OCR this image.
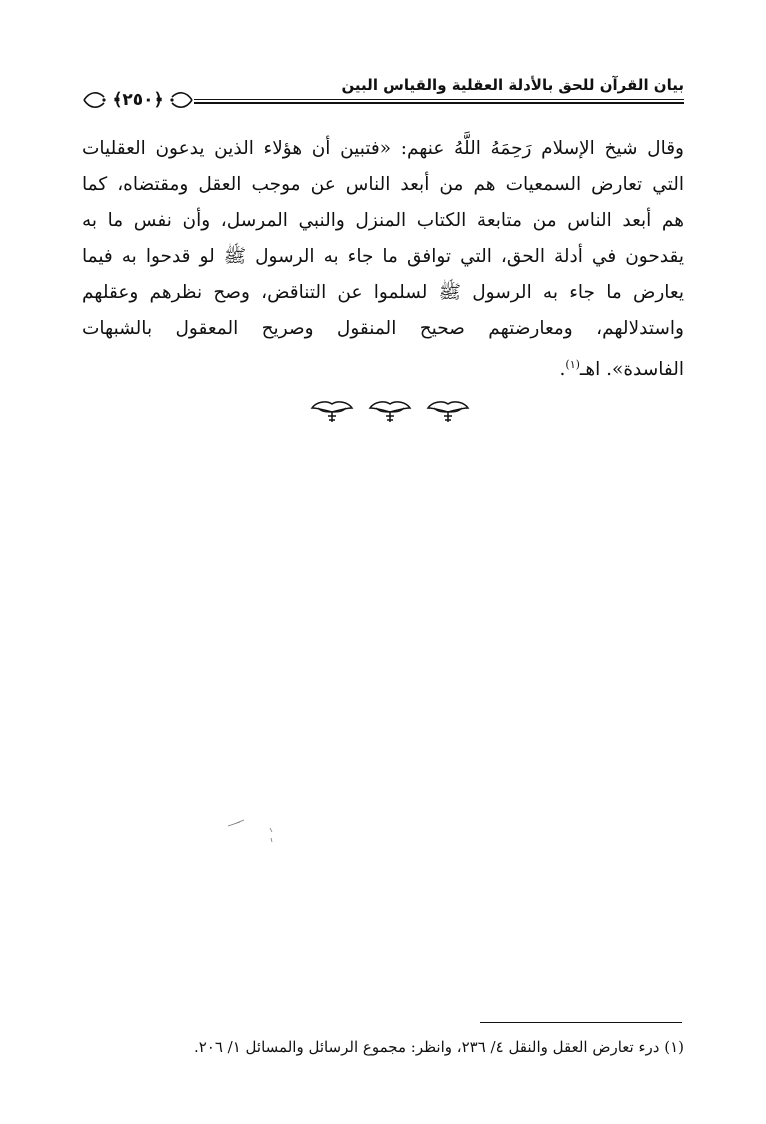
بيان القرآن للحق بالأدلة العقلية والقياس البين
﴿٢٥٠﴾
وقال شيخ الإسلام رَحِمَهُ اللَّهُ عنهم: «فتبين أن هؤلاء الذين يدعون العقليات
التي تعارض السمعيات هم من أبعد الناس عن موجب العقل ومقتضاه، كما
هم أبعد الناس من متابعة الكتاب المنزل والنبي المرسل، وأن نفس ما به
يقدحون في أدلة الحق، التي توافق ما جاء به الرسول ﷺ لو قدحوا به فيما
يعارض ما جاء به الرسول ﷺ لسلموا عن التناقض، وصح نظرهم وعقلهم
واستدلالهم، ومعارضتهم صحيح المنقول وصريح المعقول بالشبهات
الفاسدة». اهـ$^{(١)}$.
(١) درء تعارض العقل والنقل ٤/ ٢٣٦، وانظر: مجموع الرسائل والمسائل ١/ ٢٠٦.
